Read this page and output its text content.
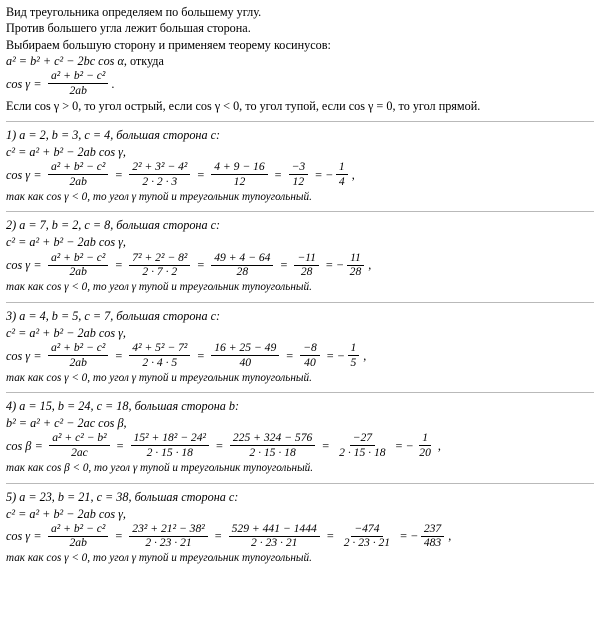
Вид треугольника определяем по большему углу.
Против большего угла лежит большая сторона.
Выбираем большую сторону и применяем теорему косинусов:
a² = b² + c² − 2bc cos α , откуда
$\cos \gamma = \frac{\text{a² + b² − c²}}{2ab}$ .
Если cos γ > 0, то угол острый, если cos γ < 0, то угол тупой, если cos γ = 0, то угол прямой.
1) a = 2, b = 3, c = 4, большая сторона c:
c² = a² + b² − 2ab cos γ,
$\cos \gamma = \frac{\text{a² + b² − c²}}{2ab} = \frac{\text{2² + 3² − 4²}}{2 \cdot 2 \cdot 3} = \frac{4 + 9 - 16}{12} = \frac{-3}{12}$ = − $\frac{1}{4}$ ,
так как cos γ < 0, то угол γ тупой и треугольник тупоугольный.
2) a = 7, b = 2, c = 8, большая сторона c:
c² = a² + b² − 2ab cos γ,
$\cos \gamma = \frac{\text{a² + b² − c²}}{2ab} = \frac{\text{7² + 2² − 8²}}{2 \cdot 7 \cdot 2} = \frac{49 + 4 - 64}{28} = \frac{-11}{28}$ = − $\frac{11}{28}$ ,
так как cos γ < 0, то угол γ тупой и треугольник тупоугольный.
3) a = 4, b = 5, c = 7, большая сторона c:
c² = a² + b² − 2ab cos γ,
$\cos \gamma = \frac{\text{a² + b² − c²}}{2ab} = \frac{\text{4² + 5² − 7²}}{2 \cdot 4 \cdot 5} = \frac{16 + 25 - 49}{40} = \frac{-8}{40}$ = − $\frac{1}{5}$ ,
так как cos γ < 0, то угол γ тупой и треугольник тупоугольный.
4) a = 15, b = 24, c = 18, большая сторона b:
b² = a² + c² − 2ac cos β,
$\cos \beta = \frac{\text{a² + c² − b²}}{2ac} = \frac{\text{15² + 18² − 24²}}{2 \cdot 15 \cdot 18} = \frac{225 + 324 - 576}{2 \cdot 15 \cdot 18} = \frac{-27}{2 \cdot 15 \cdot 18}$ = − $\frac{1}{20}$ ,
так как cos β < 0, то угол γ тупой и треугольник тупоугольный.
5) a = 23, b = 21, c = 38, большая сторона c:
c² = a² + b² − 2ab cos γ,
$\cos \gamma = \frac{\text{a² + b² − c²}}{2ab} = \frac{\text{23² + 21² − 38²}}{2 \cdot 23 \cdot 21} = \frac{529 + 441 - 1444}{2 \cdot 23 \cdot 21} = \frac{-474}{2 \cdot 23 \cdot 21}$ = − $\frac{237}{483}$ ,
так как cos γ < 0, то угол γ тупой и треугольник тупоугольный.
